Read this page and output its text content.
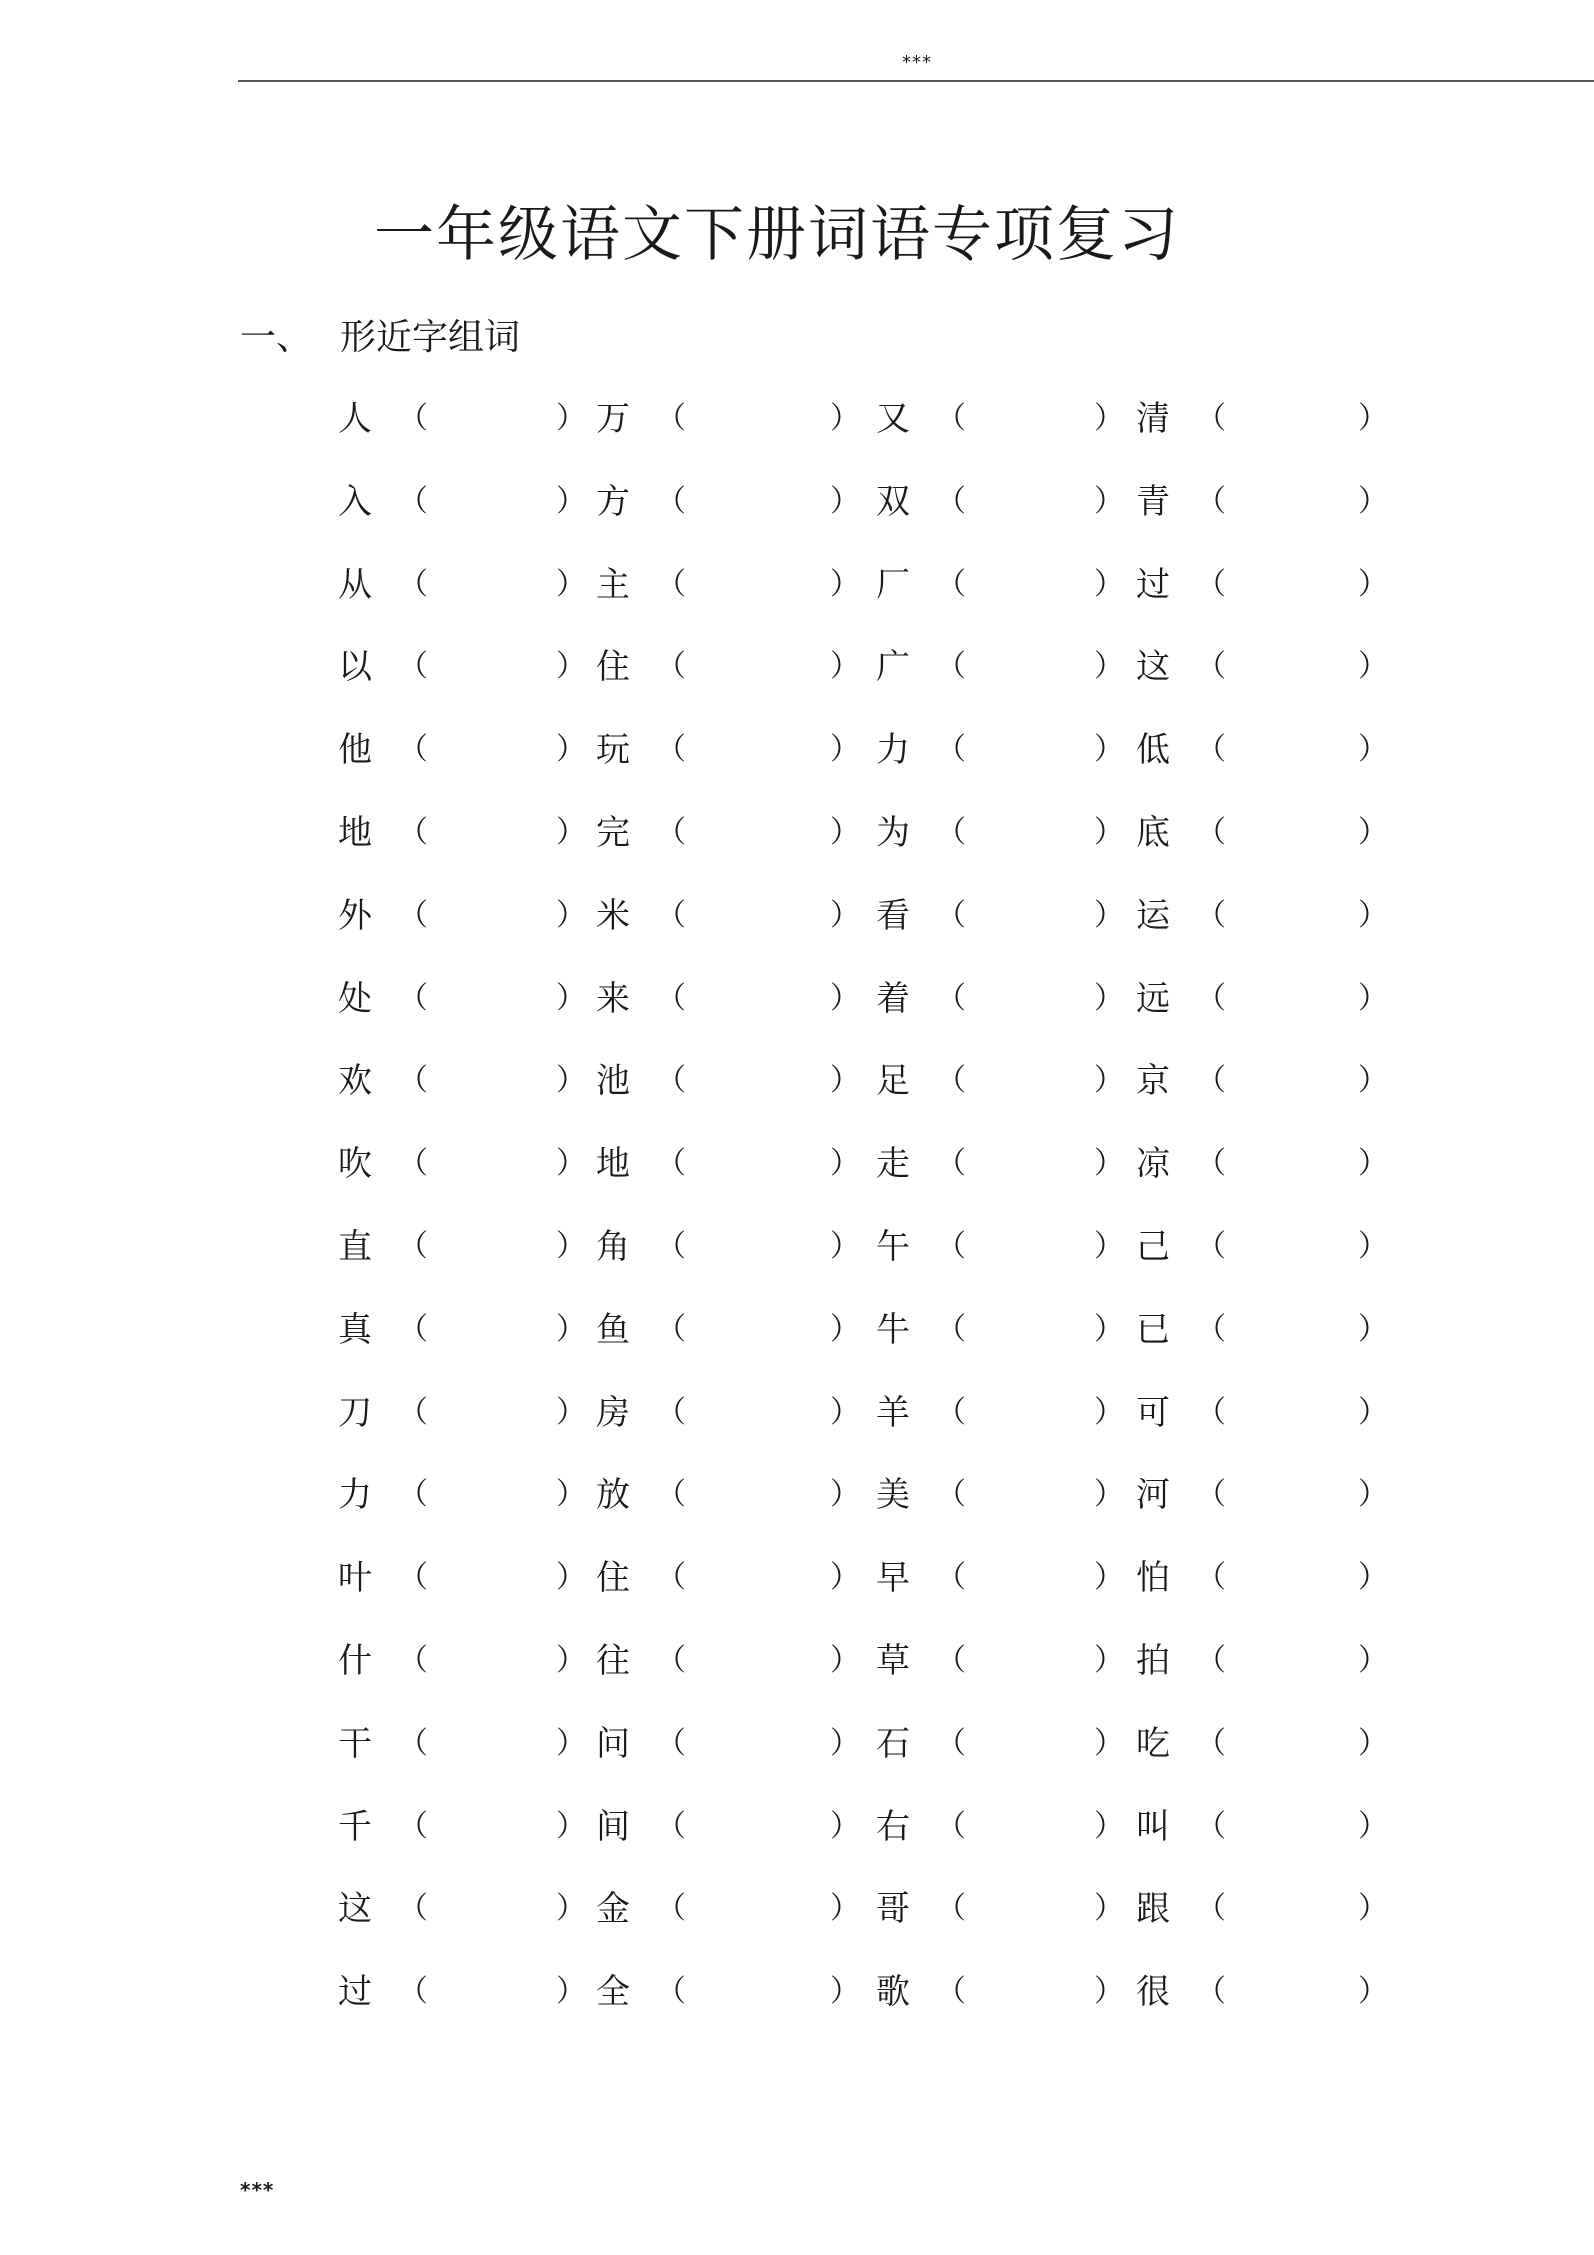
***
一年级语文下册词语专项复习
一、 形近字组词
人 （	） 万 （	） 又 （	） 清 （	）
入 （	） 方 （	） 双 （	） 青 （	）
从 （	） 主 （	） 厂 （	） 过 （	）
以 （	） 住 （	） 广 （	） 这 （	）
他 （	） 玩 （	） 力 （	） 低 （	）
地 （	） 完 （	） 为 （	） 底 （	）
外 （	） 米 （	） 看 （	） 运 （	）
处 （	） 来 （	） 着 （	） 远 （	）
欢 （	） 池 （	） 足 （	） 京 （	）
吹 （	） 地 （	） 走 （	） 凉 （	）
直 （	） 角 （	） 午 （	） 己 （	）
真 （	） 鱼 （	） 牛 （	） 已 （	）
刀 （	） 房 （	） 羊 （	） 可 （	）
力 （	） 放 （	） 美 （	） 河 （	）
叶 （	） 住 （	） 早 （	） 怕 （	）
什 （	） 往 （	） 草 （	） 拍 （	）
干 （	） 问 （	） 石 （	） 吃 （	）
千 （	） 间 （	） 右 （	） 叫 （	）
这 （	） 金 （	） 哥 （	） 跟 （	）
过 （	） 全 （	） 歌 （	） 很 （	）
***
